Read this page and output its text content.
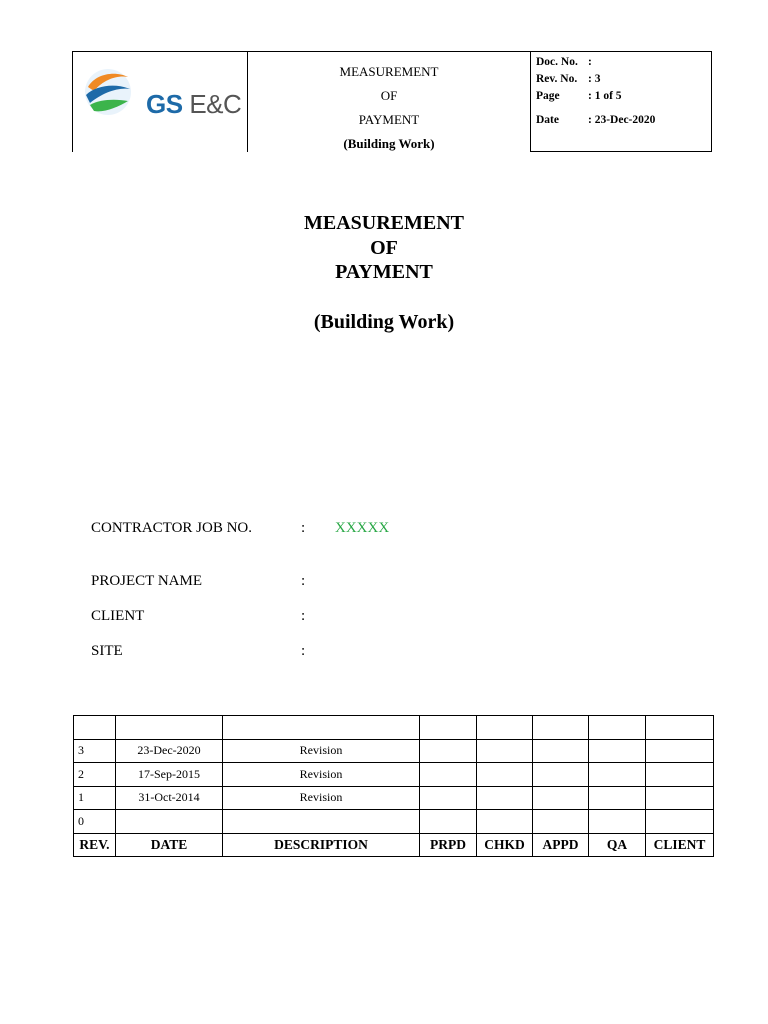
GS E&C
MEASUREMENT
OF
PAYMENT
(Building Work)
Doc. No. :
Rev. No. : 3
Page : 1 of 5
Date	: 23-Dec-2020
MEASUREMENT
OF
PAYMENT
(Building Work)
CONTRACTOR JOB NO.	: XXXXX
PROJECT NAME	:
CLIENT	:
SITE	:

3	23-Dec-2020	Revision					
2	17-Sep-2015	Revision					
1	31-Oct-2014	Revision					
0							
REV.	DATE	DESCRIPTION	PRPD	CHKD	APPD	QA	CLIENT
